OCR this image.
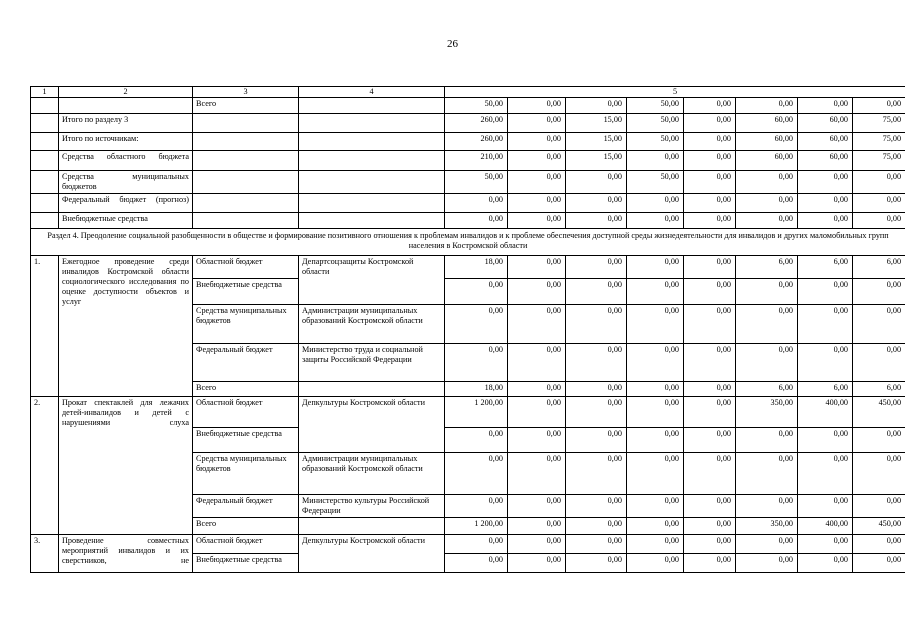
26
1	2	3	4	5							
		Всего		50,00	0,00	0,00	50,00	0,00	0,00	0,00	0,00
	Итого по разделу 3			260,00	0,00	15,00	50,00	0,00	60,00	60,00	75,00
	Итого по источникам:			260,00	0,00	15,00	50,00	0,00	60,00	60,00	75,00
	Средства областного бюджета			210,00	0,00	15,00	0,00	0,00	60,00	60,00	75,00
	Средства муниципальных бюджетов			50,00	0,00	0,00	50,00	0,00	0,00	0,00	0,00
	Федеральный бюджет (прогноз)			0,00	0,00	0,00	0,00	0,00	0,00	0,00	0,00
	Внебюджетные средства			0,00	0,00	0,00	0,00	0,00	0,00	0,00	0,00
Раздел 4. Преодоление социальной разобщенности в обществе и формирование позитивного отношения к проблемам инвалидов и к проблеме обеспечения доступной среды жизнедеятельности для инвалидов и других маломобильных групп населения в Костромской области											
1.	Ежегодное проведение среди инвалидов Костромской области социологического исследования по оценке доступности объектов и услуг	Областной бюджет	Департсоцзащиты Костромской области	18,00	0,00	0,00	0,00	0,00	6,00	6,00	6,00
		Внебюджетные средства		0,00	0,00	0,00	0,00	0,00	0,00	0,00	0,00
		Средства муниципальных бюджетов	Администрации муниципальных образований Костромской области	0,00	0,00	0,00	0,00	0,00	0,00	0,00	0,00
		Федеральный бюджет	Министерство труда и социальной защиты Российской Федерации	0,00	0,00	0,00	0,00	0,00	0,00	0,00	0,00
		Всего		18,00	0,00	0,00	0,00	0,00	6,00	6,00	6,00
2.	Прокат спектаклей для лежачих детей-инвалидов и детей с нарушениями слуха	Областной бюджет	Депкультуры Костромской области	1 200,00	0,00	0,00	0,00	0,00	350,00	400,00	450,00
		Внебюджетные средства		0,00	0,00	0,00	0,00	0,00	0,00	0,00	0,00
		Средства муниципальных бюджетов	Администрации муниципальных образований Костромской области	0,00	0,00	0,00	0,00	0,00	0,00	0,00	0,00
		Федеральный бюджет	Министерство культуры Российской Федерации	0,00	0,00	0,00	0,00	0,00	0,00	0,00	0,00
		Всего		1 200,00	0,00	0,00	0,00	0,00	350,00	400,00	450,00
3.	Проведение совместных мероприятий инвалидов и их сверстников, не	Областной бюджет	Депкультуры Костромской области	0,00	0,00	0,00	0,00	0,00	0,00	0,00	0,00
		Внебюджетные средства		0,00	0,00	0,00	0,00	0,00	0,00	0,00	0,00
